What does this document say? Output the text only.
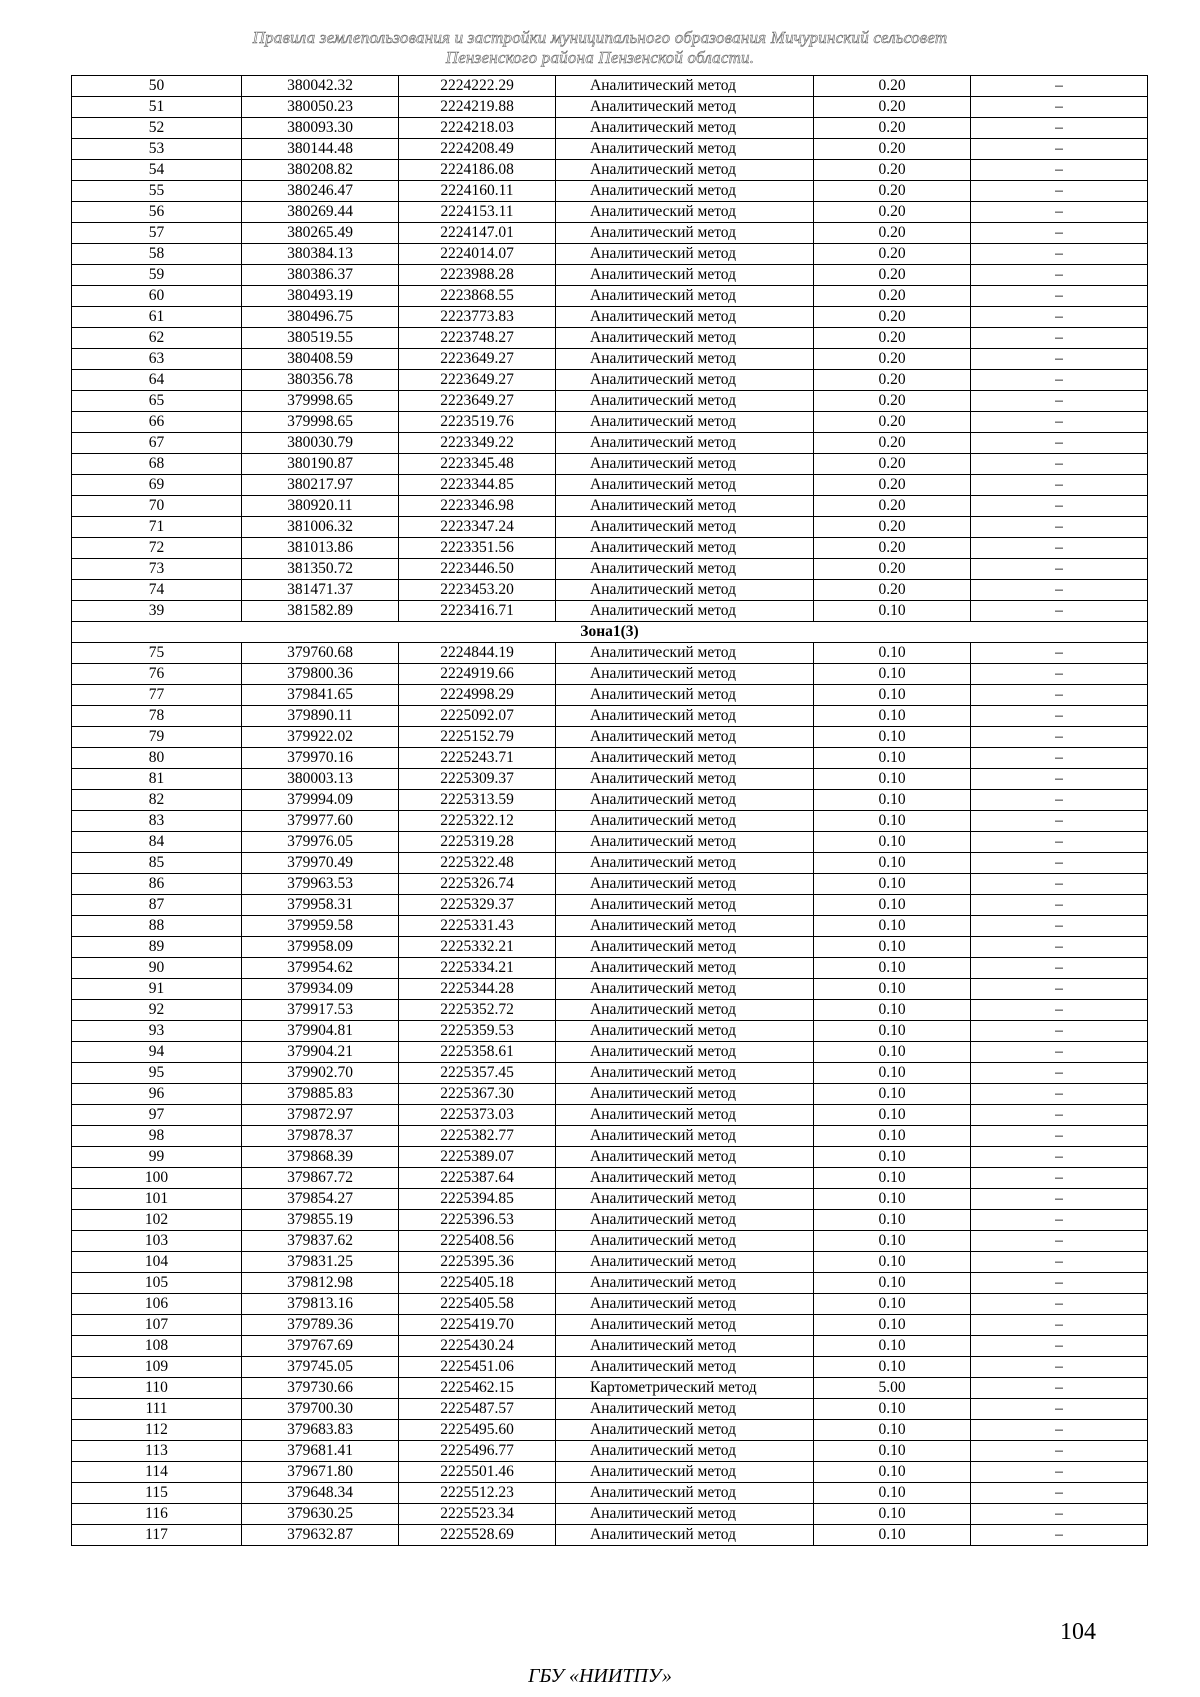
Правила землепользования и застройки муниципального образования Мичуринский сельсовет
Пензенского района Пензенской области.
50	380042.32	2224222.29	Аналитический метод	0.20	–
51	380050.23	2224219.88	Аналитический метод	0.20	–
52	380093.30	2224218.03	Аналитический метод	0.20	–
53	380144.48	2224208.49	Аналитический метод	0.20	–
54	380208.82	2224186.08	Аналитический метод	0.20	–
55	380246.47	2224160.11	Аналитический метод	0.20	–
56	380269.44	2224153.11	Аналитический метод	0.20	–
57	380265.49	2224147.01	Аналитический метод	0.20	–
58	380384.13	2224014.07	Аналитический метод	0.20	–
59	380386.37	2223988.28	Аналитический метод	0.20	–
60	380493.19	2223868.55	Аналитический метод	0.20	–
61	380496.75	2223773.83	Аналитический метод	0.20	–
62	380519.55	2223748.27	Аналитический метод	0.20	–
63	380408.59	2223649.27	Аналитический метод	0.20	–
64	380356.78	2223649.27	Аналитический метод	0.20	–
65	379998.65	2223649.27	Аналитический метод	0.20	–
66	379998.65	2223519.76	Аналитический метод	0.20	–
67	380030.79	2223349.22	Аналитический метод	0.20	–
68	380190.87	2223345.48	Аналитический метод	0.20	–
69	380217.97	2223344.85	Аналитический метод	0.20	–
70	380920.11	2223346.98	Аналитический метод	0.20	–
71	381006.32	2223347.24	Аналитический метод	0.20	–
72	381013.86	2223351.56	Аналитический метод	0.20	–
73	381350.72	2223446.50	Аналитический метод	0.20	–
74	381471.37	2223453.20	Аналитический метод	0.20	–
39	381582.89	2223416.71	Аналитический метод	0.10	–
Зона1(3)					
75	379760.68	2224844.19	Аналитический метод	0.10	–
76	379800.36	2224919.66	Аналитический метод	0.10	–
77	379841.65	2224998.29	Аналитический метод	0.10	–
78	379890.11	2225092.07	Аналитический метод	0.10	–
79	379922.02	2225152.79	Аналитический метод	0.10	–
80	379970.16	2225243.71	Аналитический метод	0.10	–
81	380003.13	2225309.37	Аналитический метод	0.10	–
82	379994.09	2225313.59	Аналитический метод	0.10	–
83	379977.60	2225322.12	Аналитический метод	0.10	–
84	379976.05	2225319.28	Аналитический метод	0.10	–
85	379970.49	2225322.48	Аналитический метод	0.10	–
86	379963.53	2225326.74	Аналитический метод	0.10	–
87	379958.31	2225329.37	Аналитический метод	0.10	–
88	379959.58	2225331.43	Аналитический метод	0.10	–
89	379958.09	2225332.21	Аналитический метод	0.10	–
90	379954.62	2225334.21	Аналитический метод	0.10	–
91	379934.09	2225344.28	Аналитический метод	0.10	–
92	379917.53	2225352.72	Аналитический метод	0.10	–
93	379904.81	2225359.53	Аналитический метод	0.10	–
94	379904.21	2225358.61	Аналитический метод	0.10	–
95	379902.70	2225357.45	Аналитический метод	0.10	–
96	379885.83	2225367.30	Аналитический метод	0.10	–
97	379872.97	2225373.03	Аналитический метод	0.10	–
98	379878.37	2225382.77	Аналитический метод	0.10	–
99	379868.39	2225389.07	Аналитический метод	0.10	–
100	379867.72	2225387.64	Аналитический метод	0.10	–
101	379854.27	2225394.85	Аналитический метод	0.10	–
102	379855.19	2225396.53	Аналитический метод	0.10	–
103	379837.62	2225408.56	Аналитический метод	0.10	–
104	379831.25	2225395.36	Аналитический метод	0.10	–
105	379812.98	2225405.18	Аналитический метод	0.10	–
106	379813.16	2225405.58	Аналитический метод	0.10	–
107	379789.36	2225419.70	Аналитический метод	0.10	–
108	379767.69	2225430.24	Аналитический метод	0.10	–
109	379745.05	2225451.06	Аналитический метод	0.10	–
110	379730.66	2225462.15	Картометрический метод	5.00	–
111	379700.30	2225487.57	Аналитический метод	0.10	–
112	379683.83	2225495.60	Аналитический метод	0.10	–
113	379681.41	2225496.77	Аналитический метод	0.10	–
114	379671.80	2225501.46	Аналитический метод	0.10	–
115	379648.34	2225512.23	Аналитический метод	0.10	–
116	379630.25	2225523.34	Аналитический метод	0.10	–
117	379632.87	2225528.69	Аналитический метод	0.10	–
104
ГБУ «НИИТПУ»
